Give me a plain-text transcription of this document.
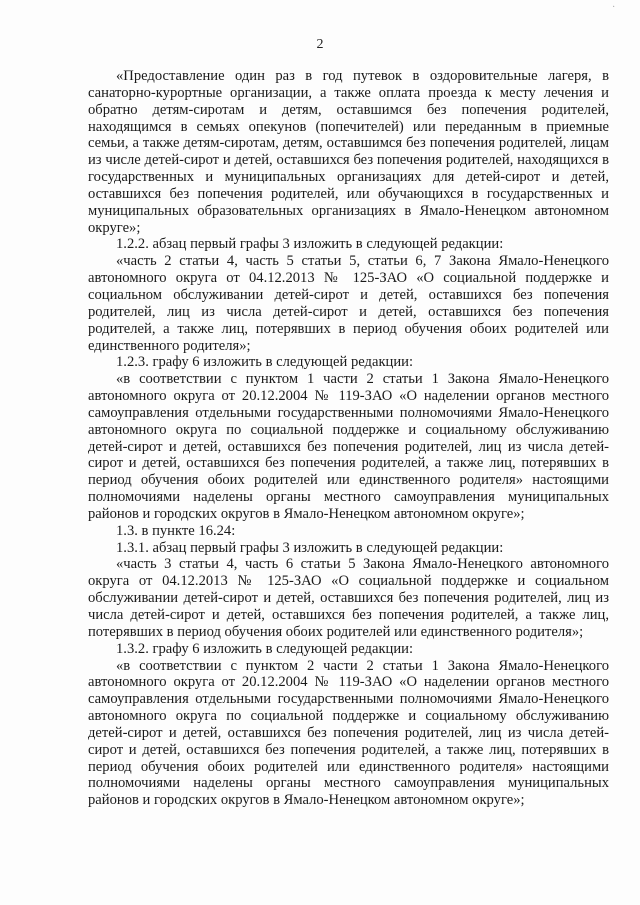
·
2

«Предоставление один раз в год путевок в оздоровительные лагеря, в санаторно-курортные организации, а также оплата проезда к месту лечения и обратно детям-сиротам и детям, оставшимся без попечения родителей, находящимся в семьях опекунов (попечителей) или переданным в приемные семьи, а также детям-сиротам, детям, оставшимся без попечения родителей, лицам из числе детей-сирот и детей, оставшихся без попечения родителей, находящихся в государственных и муниципальных организациях для детей-сирот и детей, оставшихся без попечения родителей, или обучающихся в государственных и муниципальных образовательных организациях в Ямало-Ненецком автономном округе»;

1.2.2. абзац первый графы 3 изложить в следующей редакции:

«часть 2 статьи 4, часть 5 статьи 5, статьи 6, 7 Закона Ямало-Ненецкого автономного округа от 04.12.2013 № 125-ЗАО «О социальной поддержке и социальном обслуживании детей-сирот и детей, оставшихся без попечения родителей, лиц из числа детей-сирот и детей, оставшихся без попечения родителей, а также лиц, потерявших в период обучения обоих родителей или единственного родителя»;

1.2.3. графу 6 изложить в следующей редакции:

«в соответствии с пунктом 1 части 2 статьи 1 Закона Ямало-Ненецкого автономного округа от 20.12.2004 № 119-ЗАО «О наделении органов местного самоуправления отдельными государственными полномочиями Ямало-Ненецкого автономного округа по социальной поддержке и социальному обслуживанию детей-сирот и детей, оставшихся без попечения родителей, лиц из числа детей-сирот и детей, оставшихся без попечения родителей, а также лиц, потерявших в период обучения обоих родителей или единственного родителя» настоящими полномочиями наделены органы местного самоуправления муниципальных районов и городских округов в Ямало-Ненецком автономном округе»;

1.3. в пункте 16.24:

1.3.1. абзац первый графы 3 изложить в следующей редакции:

«часть 3 статьи 4, часть 6 статьи 5 Закона Ямало-Ненецкого автономного округа от 04.12.2013 № 125-ЗАО «О социальной поддержке и социальном обслуживании детей-сирот и детей, оставшихся без попечения родителей, лиц из числа детей-сирот и детей, оставшихся без попечения родителей, а также лиц, потерявших в период обучения обоих родителей или единственного родителя»;

1.3.2. графу 6 изложить в следующей редакции:

«в соответствии с пунктом 2 части 2 статьи 1 Закона Ямало-Ненецкого автономного округа от 20.12.2004 № 119-ЗАО «О наделении органов местного самоуправления отдельными государственными полномочиями Ямало-Ненецкого автономного округа по социальной поддержке и социальному обслуживанию детей-сирот и детей, оставшихся без попечения родителей, лиц из числа детей-сирот и детей, оставшихся без попечения родителей, а также лиц, потерявших в период обучения обоих родителей или единственного родителя» настоящими полномочиями наделены органы местного самоуправления муниципальных районов и городских округов в Ямало-Ненецком автономном округе»;
